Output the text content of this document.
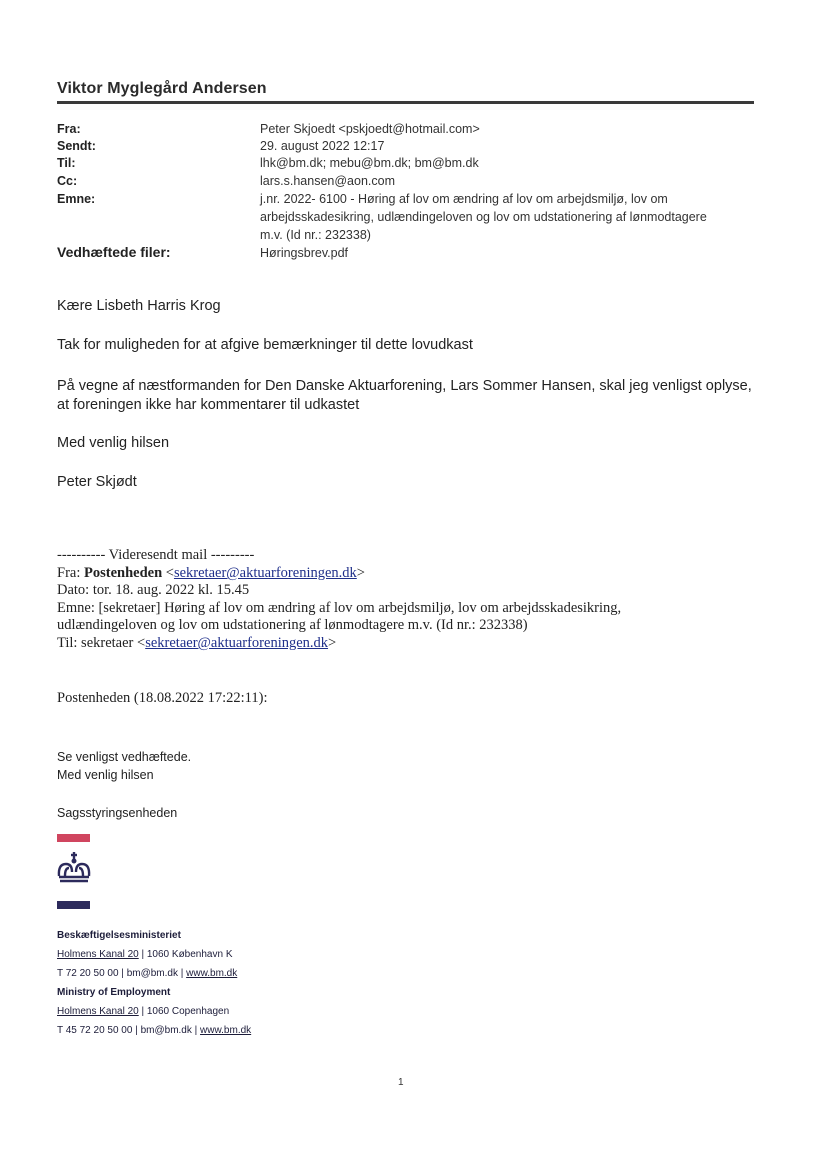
Viktor Myglegård Andersen
Fra:	Peter Skjoedt <pskjoedt@hotmail.com>
Sendt:	29. august 2022 12:17
Til:	lhk@bm.dk; mebu@bm.dk; bm@bm.dk
Cc:	lars.s.hansen@aon.com
Emne:	j.nr. 2022- 6100 - Høring af lov om ændring af lov om arbejdsmiljø, lov om
arbejdsskadesikring, udlændingeloven og lov om udstationering af lønmodtagere
m.v. (Id nr.: 232338)
Vedhæftede filer:	Høringsbrev.pdf
Kære Lisbeth Harris Krog
Tak for muligheden for at afgive bemærkninger til dette lovudkast
På vegne af næstformanden for Den Danske Aktuarforening, Lars Sommer Hansen, skal jeg venligst oplyse,
at foreningen ikke har kommentarer til udkastet
Med venlig hilsen
Peter Skjødt
---------- Videresendt mail ---------
Fra: Postenheden <sekretaer@aktuarforeningen.dk>
Dato: tor. 18. aug. 2022 kl. 15.45
Emne: [sekretaer] Høring af lov om ændring af lov om arbejdsmiljø, lov om arbejdsskadesikring,
udlændingeloven og lov om udstationering af lønmodtagere m.v. (Id nr.: 232338)
Til: sekretaer <sekretaer@aktuarforeningen.dk>
Postenheden (18.08.2022 17:22:11):
Se venligst vedhæftede.
Med venlig hilsen
Sagsstyringsenheden
Beskæftigelsesministeriet
Holmens Kanal 20 | 1060 København K
T 72 20 50 00 | bm@bm.dk | www.bm.dk
Ministry of Employment
Holmens Kanal 20 | 1060 Copenhagen
T 45 72 20 50 00 | bm@bm.dk | www.bm.dk
1
